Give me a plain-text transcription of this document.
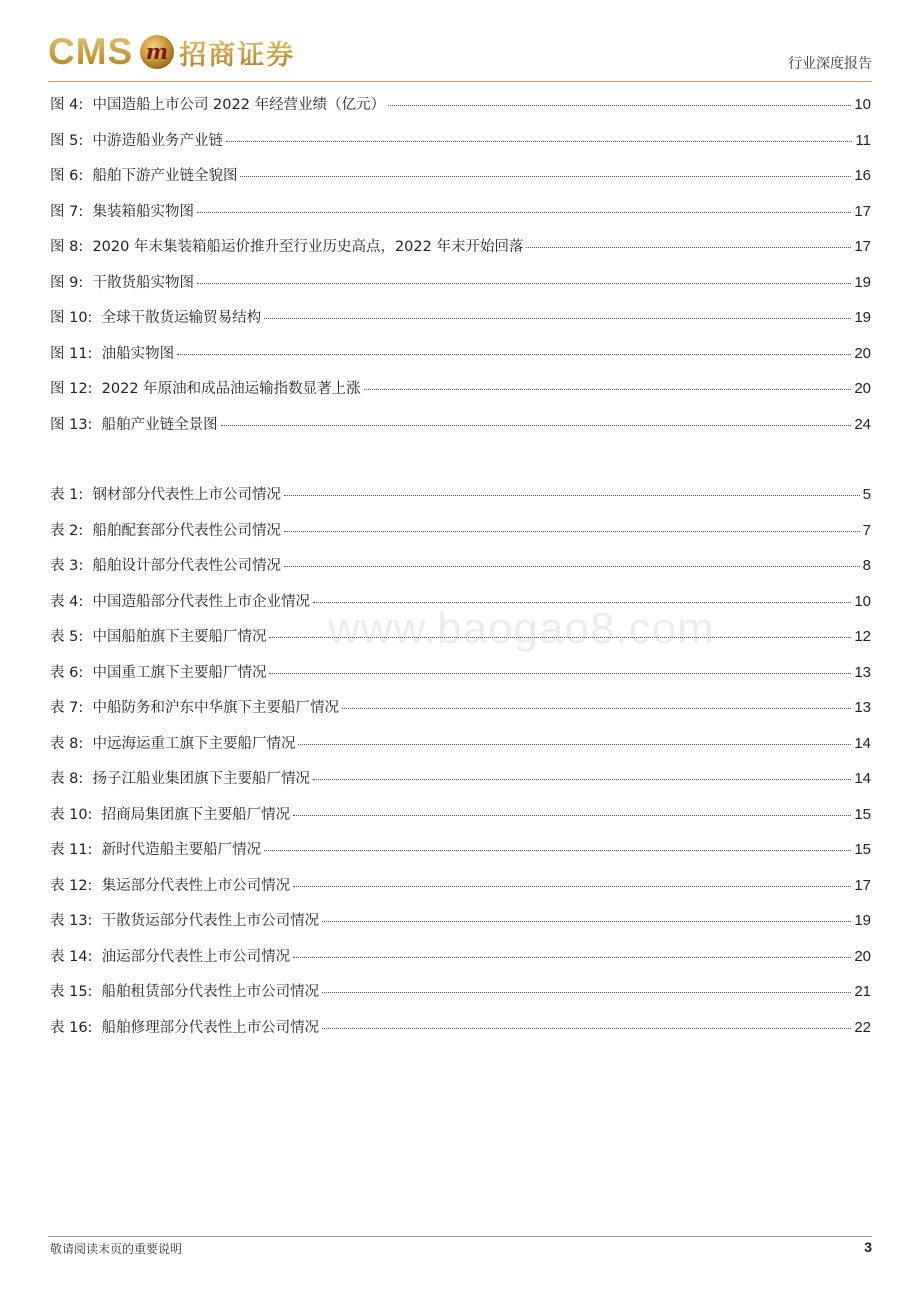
CMS m 招商证券	行业深度报告
图 4:
中国造船上市公司 2022 年经营业绩（亿元）	10
图 5:
中游造船业务产业链	11
图 6:
船舶下游产业链全貌图	16
图 7:
集装箱船实物图	17
图 8:
2020 年末集装箱船运价推升至行业历史高点，2022 年末开始回落	17
图 9:
干散货船实物图	19
图 10:
全球干散货运输贸易结构	19
图 11:
油船实物图	20
图 12:
2022 年原油和成品油运输指数显著上涨	20
图 13:
船舶产业链全景图	24
表 1:
钢材部分代表性上市公司情况	5
表 2:
船舶配套部分代表性公司情况	7
表 3:
船舶设计部分代表性公司情况	8
表 4:
中国造船部分代表性上市企业情况	10
表 5:
中国船舶旗下主要船厂情况	12
表 6:
中国重工旗下主要船厂情况	13
表 7:
中船防务和沪东中华旗下主要船厂情况	13
表 8:
中远海运重工旗下主要船厂情况	14
表 8:
扬子江船业集团旗下主要船厂情况	14
表 10:
招商局集团旗下主要船厂情况	15
表 11:
新时代造船主要船厂情况	15
表 12:
集运部分代表性上市公司情况	17
表 13:
干散货运部分代表性上市公司情况	19
表 14:
油运部分代表性上市公司情况	20
表 15:
船舶租赁部分代表性上市公司情况	21
表 16:
船舶修理部分代表性上市公司情况	22
www.baogao8.com
敬请阅读末页的重要说明	3
